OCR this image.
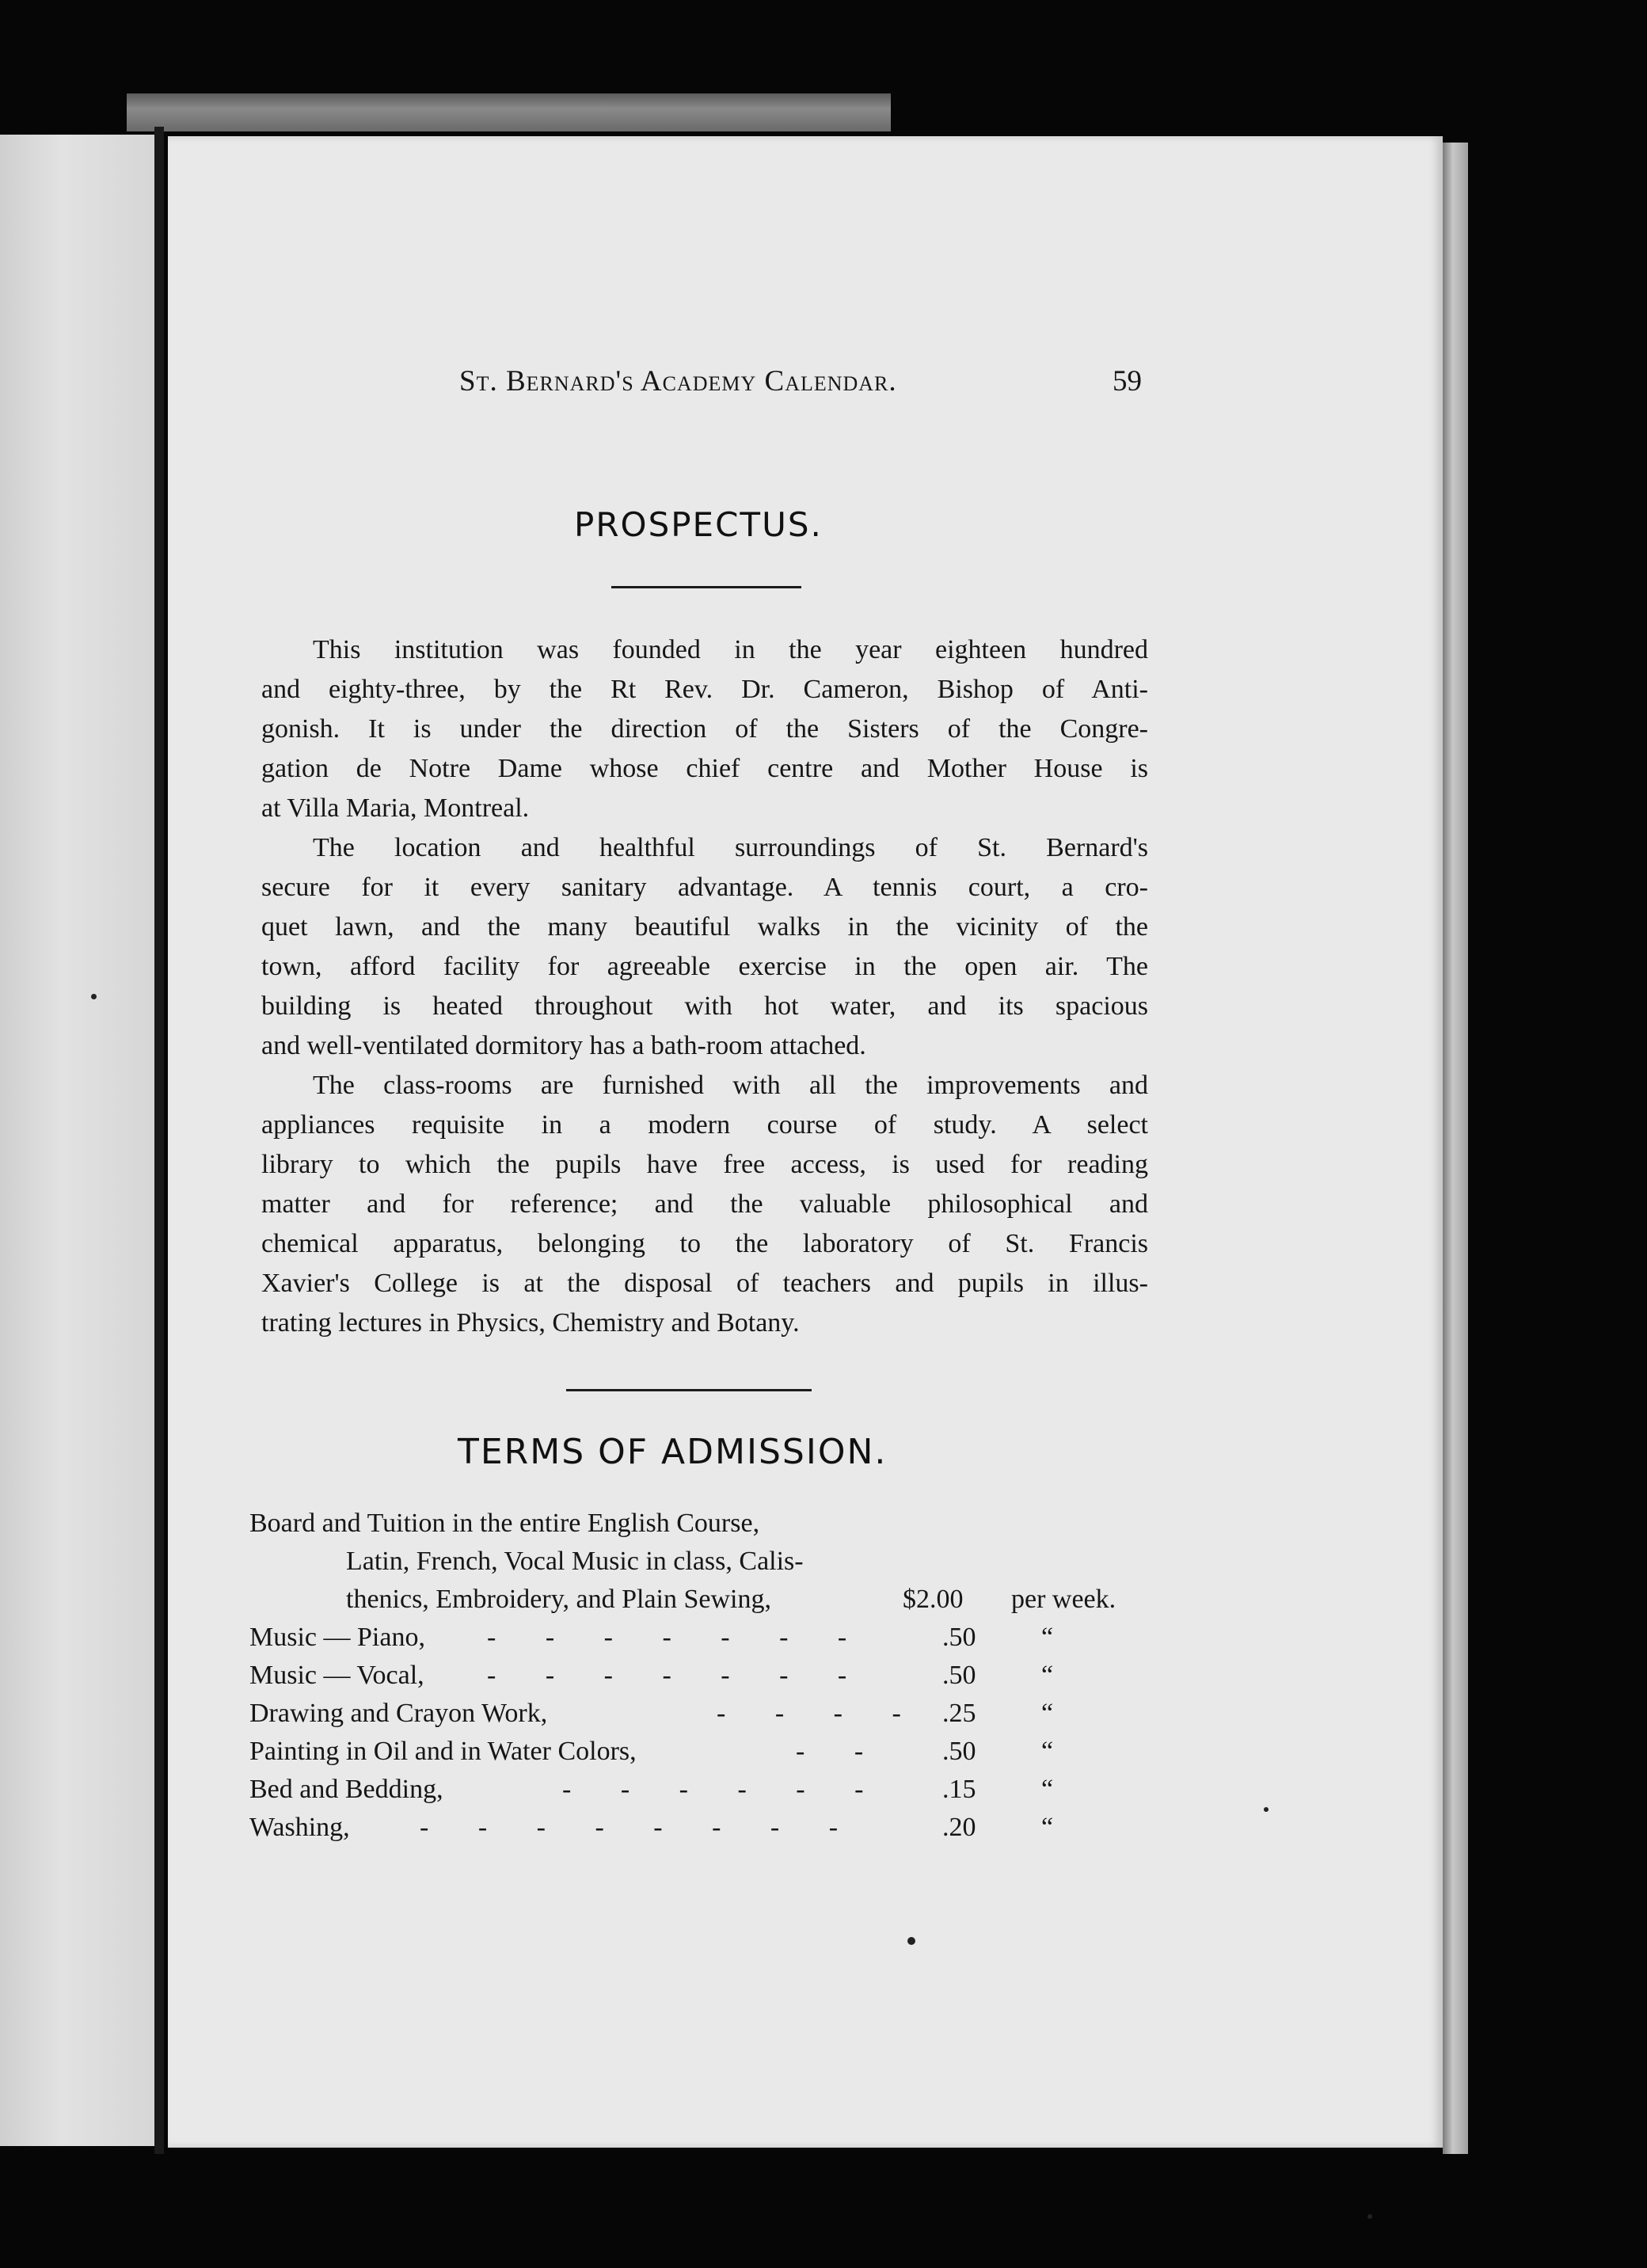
St. Bernard's Academy Calendar.	59
PROSPECTUS.
This institution was founded in the year eighteen hundred
and eighty-three, by the Rt Rev. Dr. Cameron, Bishop of Anti-
gonish. It is under the direction of the Sisters of the Congre-
gation de Notre Dame whose chief centre and Mother House is
at Villa Maria, Montreal.
The location and healthful surroundings of St. Bernard's
secure for it every sanitary advantage. A tennis court, a cro-
quet lawn, and the many beautiful walks in the vicinity of the
town, afford facility for agreeable exercise in the open air. The
building is heated throughout with hot water, and its spacious
and well-ventilated dormitory has a bath-room attached.
The class-rooms are furnished with all the improvements and
appliances requisite in a modern course of study. A select
library to which the pupils have free access, is used for reading
matter and for reference; and the valuable philosophical and
chemical apparatus, belonging to the laboratory of St. Francis
Xavier's College is at the disposal of teachers and pupils in illus-
trating lectures in Physics, Chemistry and Botany.
TERMS OF ADMISSION.
Board and Tuition in the entire English Course,
Latin, French, Vocal Music in class, Calis-
thenics, Embroidery, and Plain Sewing,	$2.00 per week.
Music — Piano, - - - - - - -	.50 “
Music — Vocal, - - - - - - -	.50 “
Drawing and Crayon Work,	- - - - .25 “
Painting in Oil and in Water Colors,	- - .50 “
Bed and Bedding,	- - - - - - .15 “
Washing,	- - - - - - - -	.20 “
